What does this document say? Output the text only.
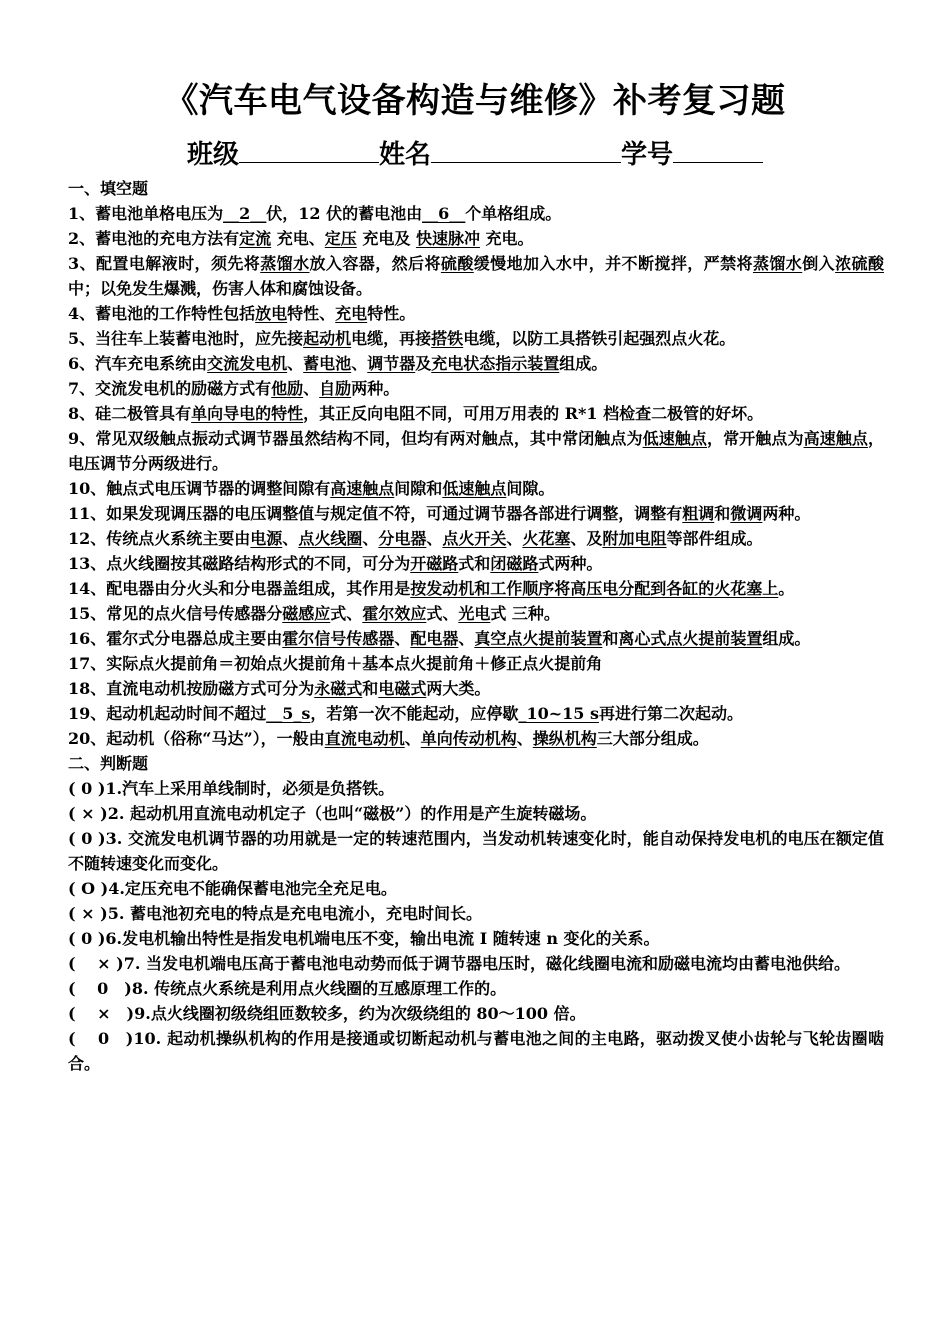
《汽车电气设备构造与维修》补考复习题
班级	姓名	学号

一、填空题

1、蓄电池单格电压为__2__伏，12 伏的蓄电池由__6__个单格组成。

2、蓄电池的充电方法有定流 充电、定压 充电及 快速脉冲 充电。

3、配置电解液时，须先将蒸馏水放入容器，然后将硫酸缓慢地加入水中，并不断搅拌，严禁将蒸馏水倒入浓硫酸中；以免发生爆溅，伤害人体和腐蚀设备。

4、蓄电池的工作特性包括放电特性、充电特性。

5、当往车上装蓄电池时，应先接起动机电缆，再接搭铁电缆，以防工具搭铁引起强烈点火花。

6、汽车充电系统由交流发电机、蓄电池、调节器及充电状态指示装置组成。

7、交流发电机的励磁方式有他励、自励两种。

8、硅二极管具有单向导电的特性，其正反向电阻不同，可用万用表的 R*1 档检查二极管的好坏。

9、常见双级触点振动式调节器虽然结构不同，但均有两对触点，其中常闭触点为低速触点，常开触点为高速触点，电压调节分两级进行。

10、触点式电压调节器的调整间隙有高速触点间隙和低速触点间隙。

11、如果发现调压器的电压调整值与规定值不符，可通过调节器各部进行调整，调整有粗调和微调两种。

12、传统点火系统主要由电源、点火线圈、分电器、点火开关、火花塞、及附加电阻等部件组成。

13、点火线圈按其磁路结构形式的不同，可分为开磁路式和闭磁路式两种。

14、配电器由分火头和分电器盖组成，其作用是按发动机和工作顺序将高压电分配到各缸的火花塞上。

15、常见的点火信号传感器分磁感应式、霍尔效应式、光电式 三种。

16、霍尔式分电器总成主要由霍尔信号传感器、配电器、真空点火提前装置和离心式点火提前装置组成。

17、实际点火提前角＝初始点火提前角＋基本点火提前角＋修正点火提前角

18、直流电动机按励磁方式可分为永磁式和电磁式两大类。

19、起动机起动时间不超过__5_s，若第一次不能起动，应停歇_10~15 s再进行第二次起动。

20、起动机（俗称“马达”），一般由直流电动机、单向传动机构、操纵机构三大部分组成。

二、判断题

( 0 )1.汽车上采用单线制时，必须是负搭铁。

( × )2. 起动机用直流电动机定子（也叫“磁极”）的作用是产生旋转磁场。

( 0 )3. 交流发电机调节器的功用就是一定的转速范围内，当发动机转速变化时，能自动保持发电机的电压在额定值不随转速变化而变化。

( O )4.定压充电不能确保蓄电池完全充足电。

( × )5. 蓄电池初充电的特点是充电电流小，充电时间长。

( 0 )6.发电机输出特性是指发电机端电压不变，输出电流 I 随转速 n 变化的关系。

(　 × )7. 当发电机端电压高于蓄电池电动势而低于调节器电压时，磁化线圈电流和励磁电流均由蓄电池供给。

(　 0　)8. 传统点火系统是利用点火线圈的互感原理工作的。

(　 ×　)9.点火线圈初级绕组匝数较多，约为次级绕组的 80～100 倍。

(　 0　)10. 起动机操纵机构的作用是接通或切断起动机与蓄电池之间的主电路，驱动拨叉使小齿轮与飞轮齿圈啮合。
